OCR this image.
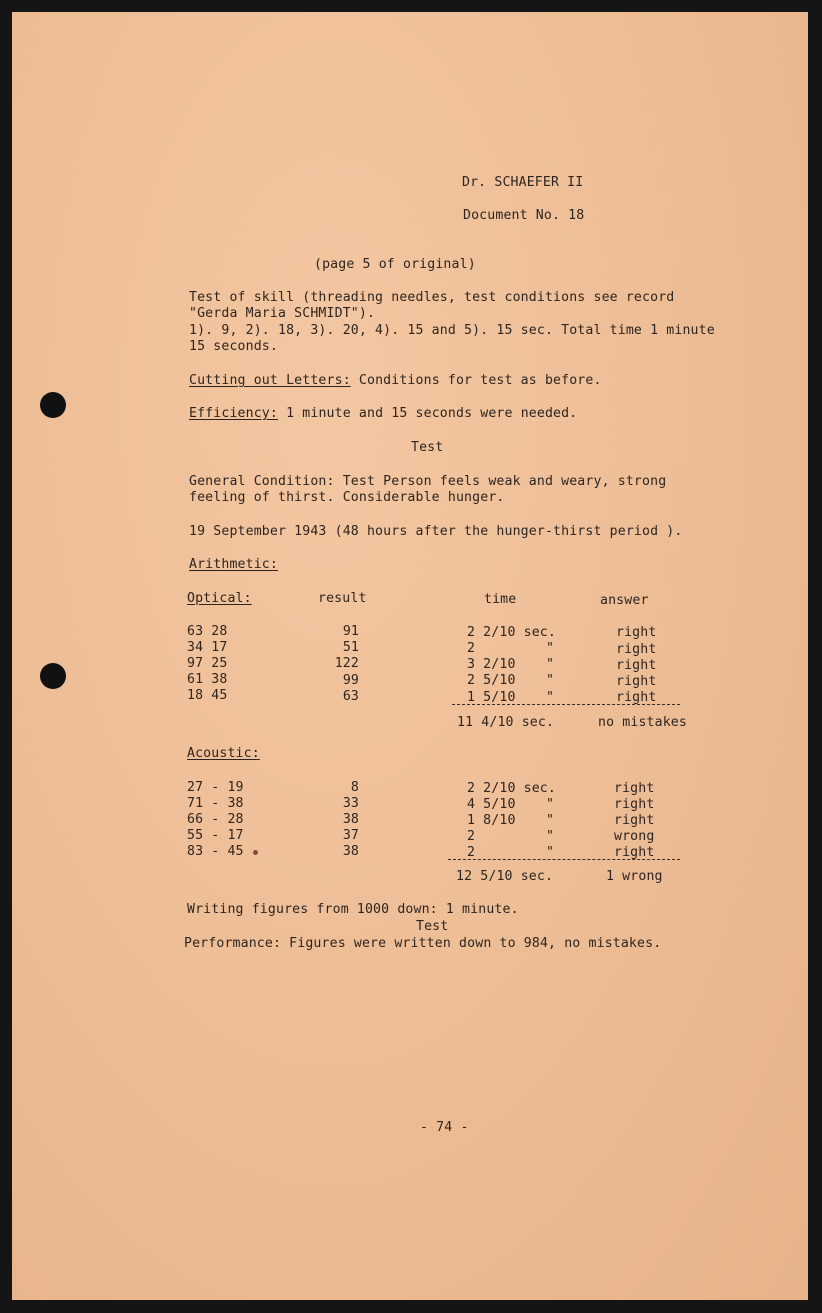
Dr. SCHAEFER II
Document No. 18
(page 5 of original)
Test of skill (threading needles, test conditions see record
"Gerda Maria SCHMIDT").
1). 9, 2). 18, 3). 20, 4). 15 and 5). 15 sec. Total time 1 minute
15 seconds.
Cutting out Letters: Conditions for test as before.
Efficiency: 1 minute and 15 seconds were needed.
Test
General Condition: Test Person feels weak and weary, strong
feeling of thirst. Considerable hunger.
19 September 1943 (48 hours after the hunger-thirst period ).
Arithmetic:
Optical:	result	time	answer
63 28	91	2 2/10 sec.	right
34 17	51	2	"	right
97 25	122	3 2/10 "	right
61 38	99	2 5/10 "	right
18 45	63	1 5/10 "	right
11 4/10 sec.	no mistakes
Acoustic:
27 - 19	8	2 2/10 sec.	right
71 - 38	33	4 5/10 "	right
66 - 28	38	1 8/10 "	right
55 - 17	37	2	"	wrong
83 - 45	38	2	"	right
12 5/10 sec.	1 wrong
Writing figures from 1000 down: 1 minute.
Test
Performance: Figures were written down to 984, no mistakes.
- 74 -
